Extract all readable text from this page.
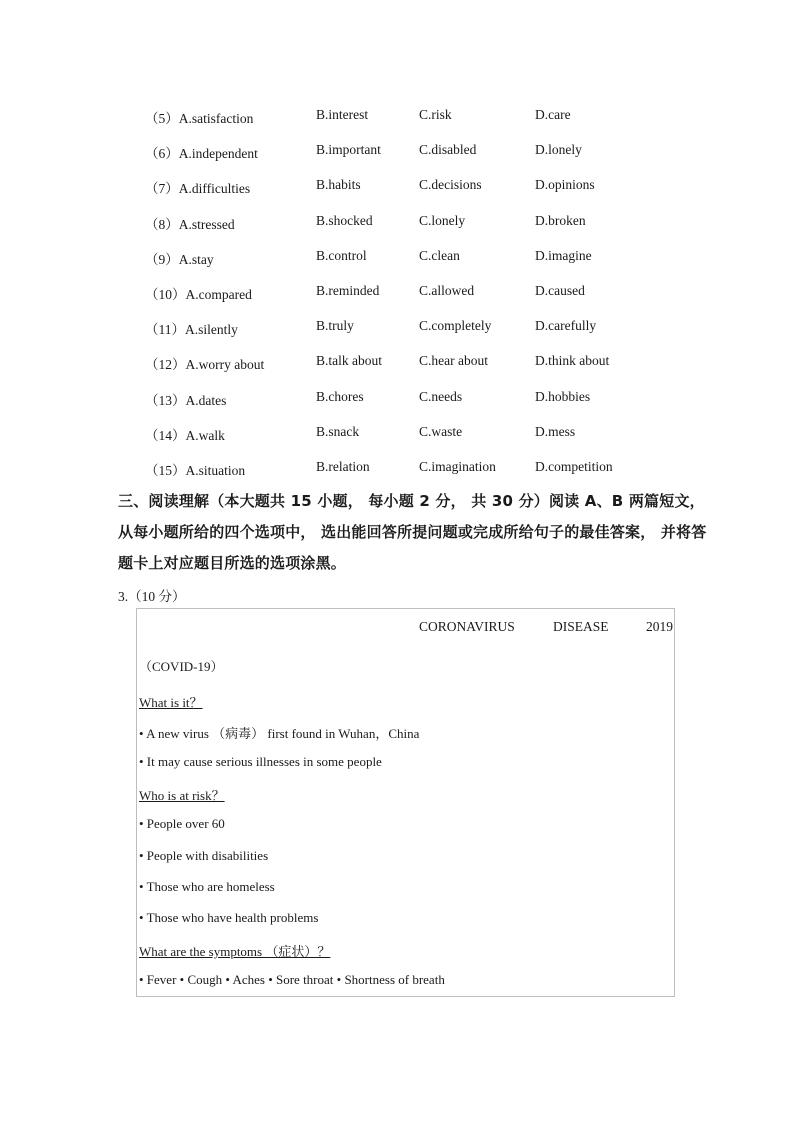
（5）A.satisfaction	B.interest	C.risk	D.care
（6）A.independent	B.important	C.disabled	D.lonely
（7）A.difficulties	B.habits	C.decisions	D.opinions
（8）A.stressed	B.shocked	C.lonely	D.broken
（9）A.stay	B.control	C.clean	D.imagine
（10）A.compared	B.reminded	C.allowed	D.caused
（11）A.silently	B.truly	C.completely	D.carefully
（12）A.worry about	B.talk about	C.hear about	D.think about
（13）A.dates	B.chores	C.needs	D.hobbies
（14）A.walk	B.snack	C.waste	D.mess
（15）A.situation	B.relation	C.imagination	D.competition
三、阅读理解（本大题共 15 小题， 每小题 2 分， 共 30 分）阅读 A、B 两篇短文，
从每小题所给的四个选项中， 选出能回答所提问题或完成所给句子的最佳答案， 并将答
题卡上对应题目所选的选项涂黑。
3.（10 分）
CORONAVIRUS	DISEASE	2019
（COVID-19）
What is it？
• A new virus （病毒） first found in Wuhan，China
• It may cause serious illnesses in some people
Who is at risk？
• People over 60
• People with disabilities
• Those who are homeless
• Those who have health problems
What are the symptoms （症状）？
• Fever • Cough • Aches • Sore throat • Shortness of breath
